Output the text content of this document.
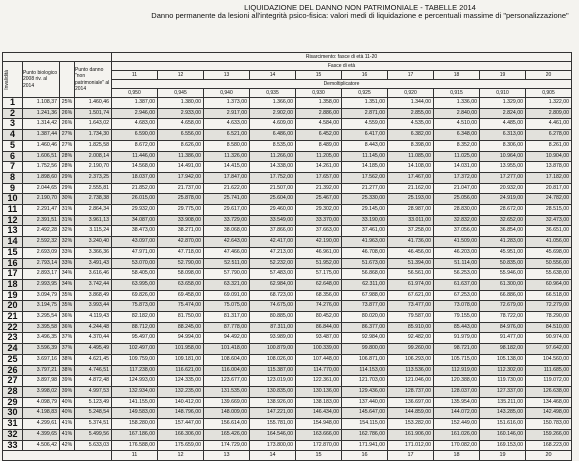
LIQUIDAZIONE DEL DANNO NON PATRIMONIALE - TABELLE 2014
Danno permanente da lesioni all'integrità psico-fisica: valori medi di liquidazione e percentuali massime di "personalizzazione"
				Risarcimento: fasce di età 11-20									

Invalidità	Punto biologico 2008 riv. al 2014		Punto danno "non patrimoniale" al 2014	Fasce di età									
				11	12	13	14	15	16	17	18	19	20
				Demoltiplicatore									
				0,950	0,945	0,940	0,935	0,930	0,925	0,920	0,915	0,910	0,905
1	1.108,37	25%	1.460,46	1.387,00	1.380,00	1.373,00	1.366,00	1.358,00	1.351,00	1.344,00	1.336,00	1.329,00	1.322,00
2	1.241,36	26%	1.501,74	2.946,00	2.933,00	2.917,00	2.902,00	2.886,00	2.871,00	2.855,00	2.840,00	2.824,00	2.809,00
3	1.314,42	26%	1.643,02	4.683,00	4.658,00	4.633,00	4.609,00	4.584,00	4.559,00	4.535,00	4.510,00	4.485,00	4.461,00
4	1.387,44	27%	1.734,30	6.590,00	6.556,00	6.521,00	6.486,00	6.452,00	6.417,00	6.382,00	6.348,00	6.313,00	6.278,00
5	1.460,46	27%	1.825,58	8.672,00	8.626,00	8.580,00	8.535,00	8.489,00	8.443,00	8.398,00	8.352,00	8.306,00	8.261,00
6	1.606,51	28%	2.008,14	11.446,00	11.386,00	11.326,00	11.266,00	11.205,00	11.145,00	11.085,00	11.025,00	10.964,00	10.904,00
7	1.752,56	28%	2.190,70	14.568,00	14.491,00	14.415,00	14.338,00	14.261,00	14.185,00	14.108,00	14.031,00	13.955,00	13.878,00
8	1.898,60	29%	2.373,25	18.037,00	17.942,00	17.847,00	17.752,00	17.657,00	17.562,00	17.467,00	17.372,00	17.277,00	17.182,00
9	2.044,65	29%	2.555,81	21.852,00	21.737,00	21.622,00	21.507,00	21.392,00	21.277,00	21.162,00	21.047,00	20.932,00	20.817,00
10	2.190,70	30%	2.738,38	26.015,00	25.878,00	25.741,00	25.604,00	25.467,00	25.330,00	25.193,00	25.056,00	24.919,00	24.782,00
11	2.291,47	31%	2.864,34	29.932,00	29.775,00	29.617,00	29.460,00	29.302,00	29.145,00	28.987,00	28.830,00	28.672,00	28.515,00
12	2.391,51	31%	3.961,13	34.087,00	33.908,00	33.729,00	33.549,00	33.370,00	33.190,00	33.011,00	32.832,00	32.652,00	32.473,00
13	2.492,28	32%	3.115,24	38.473,00	38.271,00	38.068,00	37.866,00	37.663,00	37.461,00	37.258,00	37.056,00	36.854,00	36.651,00
14	2.592,32	32%	3.240,40	43.097,00	42.870,00	42.643,00	42.417,00	42.190,00	41.963,00	41.736,00	41.509,00	41.283,00	41.056,00
15	2.693,09	33%	3.366,36	47.971,00	47.718,00	47.466,00	47.213,00	46.961,00	46.708,00	46.456,00	46.203,00	45.951,00	45.698,00
16	2.793,14	33%	3.491,43	53.070,00	52.790,00	52.511,00	52.232,00	51.952,00	51.673,00	51.394,00	51.114,00	50.835,00	50.556,00
17	2.893,17	34%	3.616,46	58.405,00	58.098,00	57.790,00	57.483,00	57.175,00	56.868,00	56.561,00	56.253,00	55.946,00	55.638,00
18	2.993,95	34%	3.742,44	63.995,00	63.658,00	63.321,00	62.984,00	62.648,00	62.311,00	61.974,00	61.637,00	61.300,00	60.964,00
19	3.094,79	35%	3.868,49	69.826,00	69.458,00	69.091,00	68.723,00	68.356,00	67.988,00	67.621,00	67.253,00	66.886,00	66.518,00
20	3.194,75	35%	3.993,44	75.873,00	75.474,00	75.075,00	74.675,00	74.276,00	73.877,00	73.477,00	73.078,00	72.679,00	72.279,00
21	3.295,54	36%	4.119,43	82.182,00	81.750,00	81.317,00	80.885,00	80.452,00	80.020,00	79.587,00	79.155,00	78.722,00	78.290,00
22	3.395,58	36%	4.244,48	88.712,00	88.245,00	87.778,00	87.311,00	86.844,00	86.377,00	85.910,00	85.443,00	84.976,00	84.510,00
23	3.496,35	37%	4.370,44	95.497,00	94.994,00	94.492,00	93.989,00	93.487,00	92.984,00	92.482,00	91.979,00	91.477,00	90.974,00
24	3.596,39	37%	4.495,49	102.497,00	101.958,00	101.418,00	100.879,00	100.339,00	99.800,00	99.260,00	98.721,00	98.182,00	97.642,00
25	3.697,16	38%	4.621,45	109.759,00	109.181,00	108.604,00	108.026,00	107.448,00	106.871,00	106.293,00	105.715,00	105.138,00	104.560,00
26	3.797,21	38%	4.746,51	117.238,00	116.621,00	116.004,00	115.387,00	114.770,00	114.153,00	113.536,00	112.919,00	112.302,00	111.685,00
27	3.897,98	39%	4.872,48	124.993,00	124.335,00	123.677,00	123.019,00	122.361,00	121.703,00	121.046,00	120.388,00	119.730,00	119.072,00
28	3.998,02	39%	4.997,53	132.934,00	132.235,00	131.535,00	130.835,00	130.136,00	129.436,00	128.737,00	128.037,00	127.337,00	126.638,00
29	4.098,79	40%	5.123,49	141.155,00	140.412,00	139.669,00	138.926,00	138.183,00	137.440,00	136.697,00	135.954,00	135.211,00	134.468,00
30	4.198,83	40%	5.248,54	149.583,00	148.796,00	148.009,00	147.221,00	146.434,00	145.647,00	144.859,00	144.072,00	143.285,00	142.498,00
31	4.299,61	41%	5.374,51	158.280,00	157.447,00	156.614,00	155.781,00	154.948,00	154.115,00	153.282,00	152.449,00	151.616,00	150.783,00
32	4.399,65	41%	5.499,56	167.186,00	166.306,00	165.426,00	164.546,00	163.666,00	162.786,00	161.906,00	161.026,00	160.146,00	159.266,00
33	4.506,42	42%	5.633,03	176.588,00	175.659,00	174.729,00	173.800,00	172.870,00	171.941,00	171.012,00	170.082,00	169.153,00	168.223,00
				11	12	13	14	15	16	17	18	19	20
